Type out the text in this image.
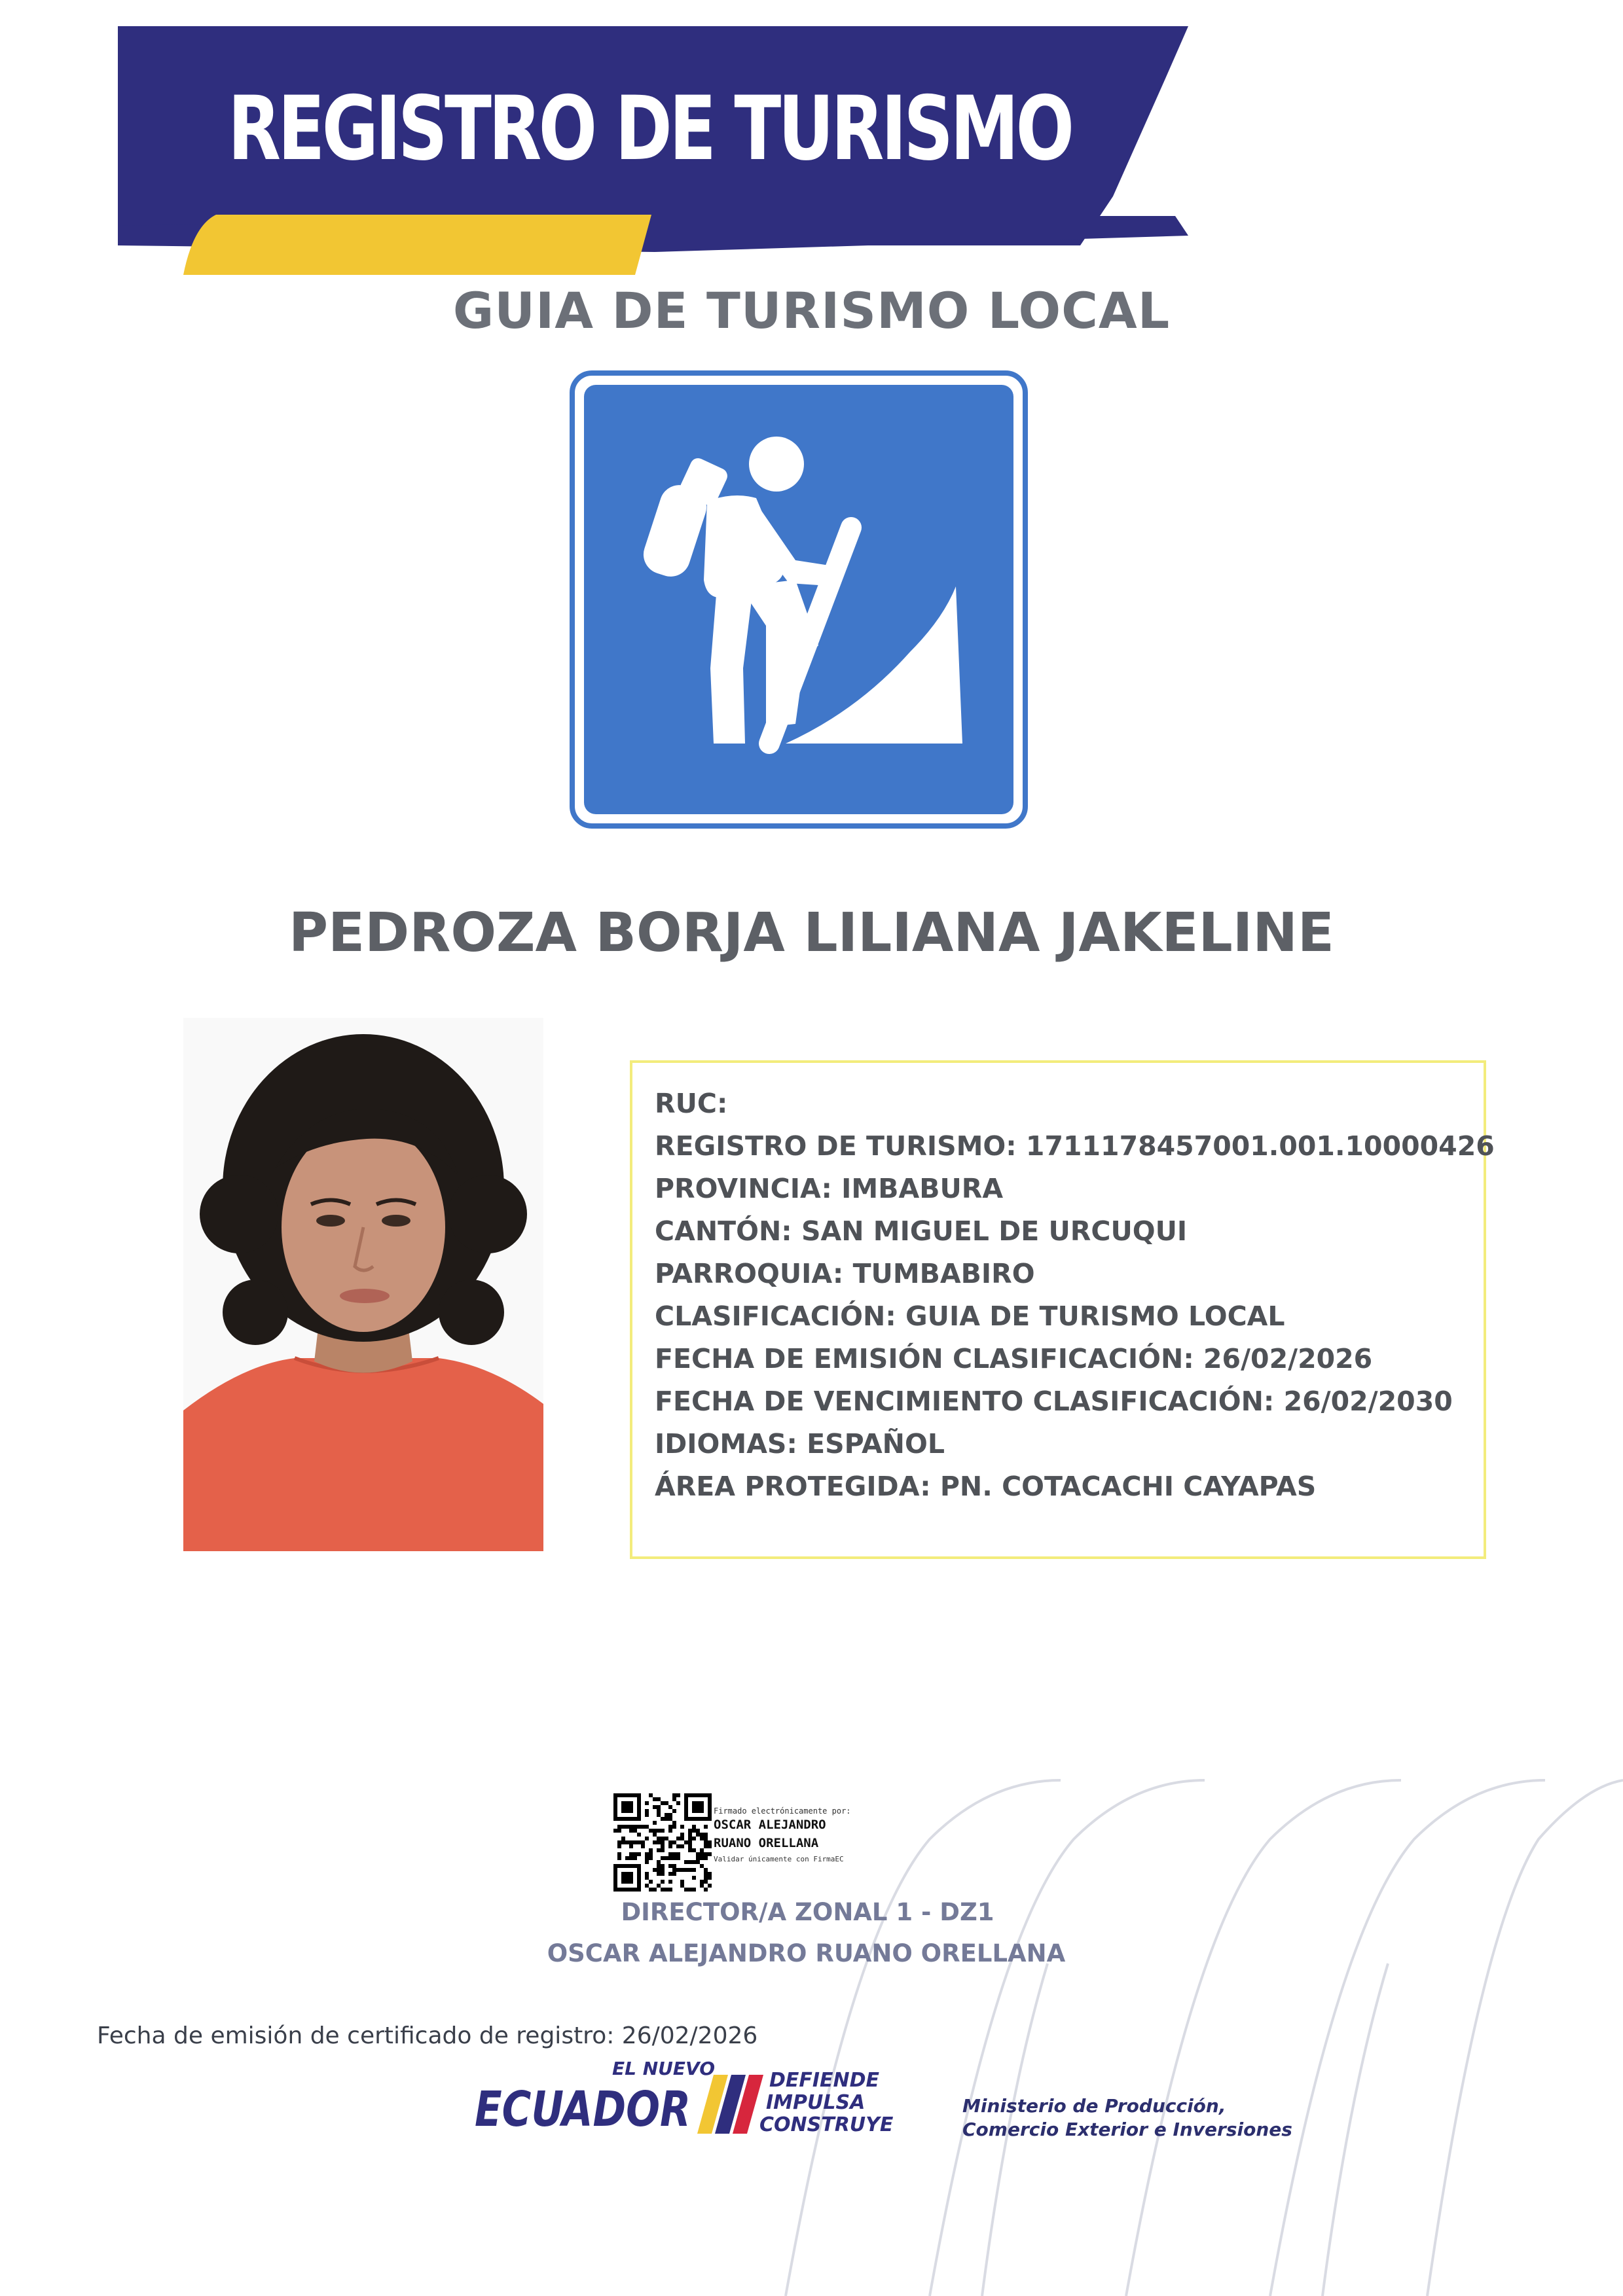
REGISTRO DE TURISMO
GUIA DE TURISMO LOCAL
PEDROZA BORJA LILIANA JAKELINE
RUC:
REGISTRO DE TURISMO: 1711178457001.001.10000426
PROVINCIA: IMBABURA
CANTÓN: SAN MIGUEL DE URCUQUI
PARROQUIA: TUMBABIRO
CLASIFICACIÓN: GUIA DE TURISMO LOCAL
FECHA DE EMISIÓN CLASIFICACIÓN: 26/02/2026
FECHA DE VENCIMIENTO CLASIFICACIÓN: 26/02/2030
IDIOMAS: ESPAÑOL
ÁREA PROTEGIDA: PN. COTACACHI CAYAPAS
Firmado electrónicamente por:
OSCAR ALEJANDRO
RUANO ORELLANA
Validar únicamente con FirmaEC
DIRECTOR/A ZONAL 1 - DZ1
OSCAR ALEJANDRO RUANO ORELLANA
Fecha de emisión de certificado de registro: 26/02/2026
EL NUEVO
ECUADOR
DEFIENDE
IMPULSA
CONSTRUYE
Ministerio de Producción,
Comercio Exterior e Inversiones
